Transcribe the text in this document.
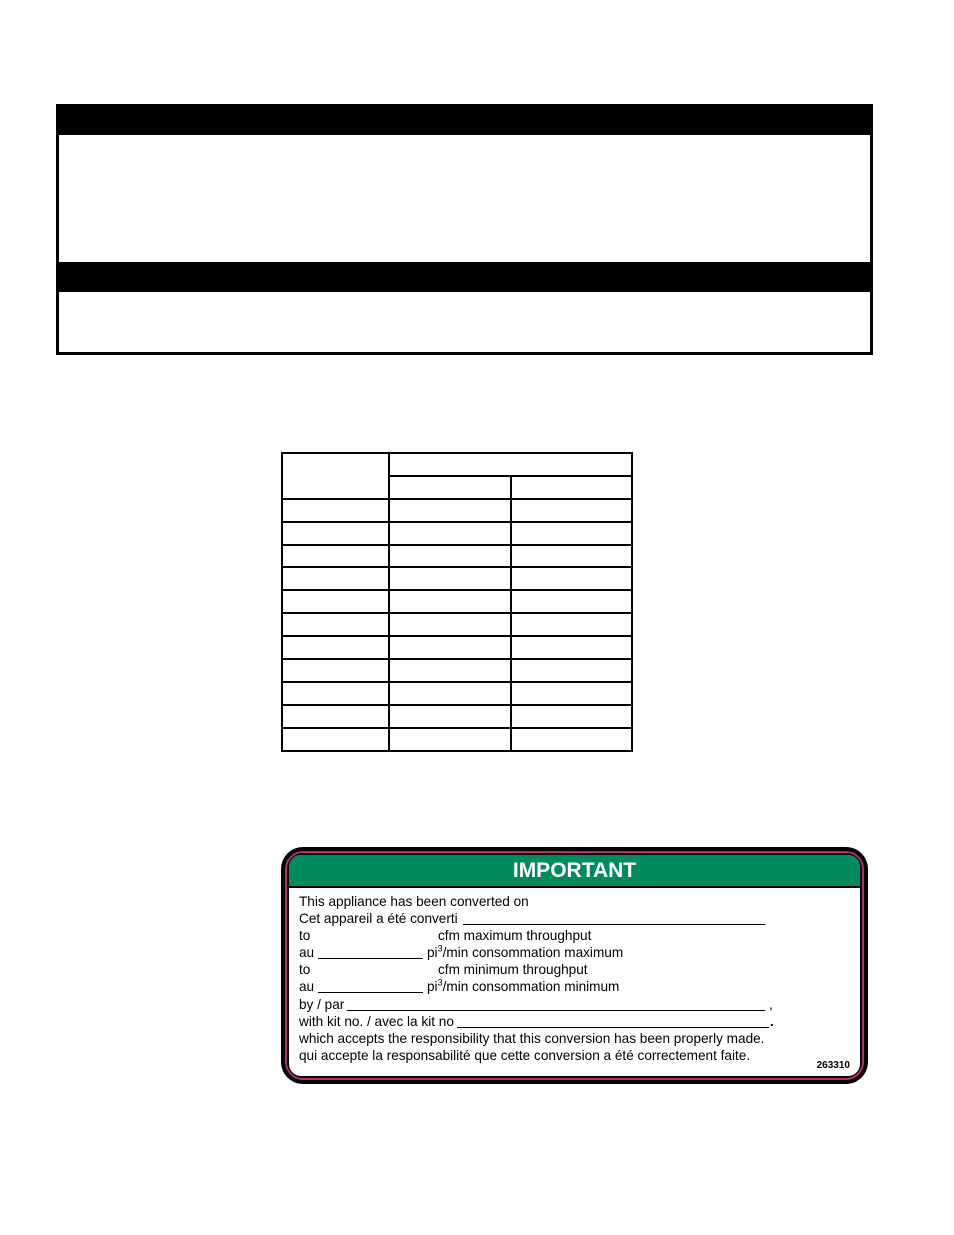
IMPORTANT
This appliance has been converted on
Cet appareil a été converti
to	cfm maximum throughput
au	$pi^3/\min$ consommation maximum
to	cfm minimum throughput
au	$pi^3/\min$ consommation minimum
by / par	,
with kit no. / avec la kit no	.
which accepts the responsibility that this conversion has been properly made.
qui accepte la responsabilité que cette conversion a été correctement faite.
263310
